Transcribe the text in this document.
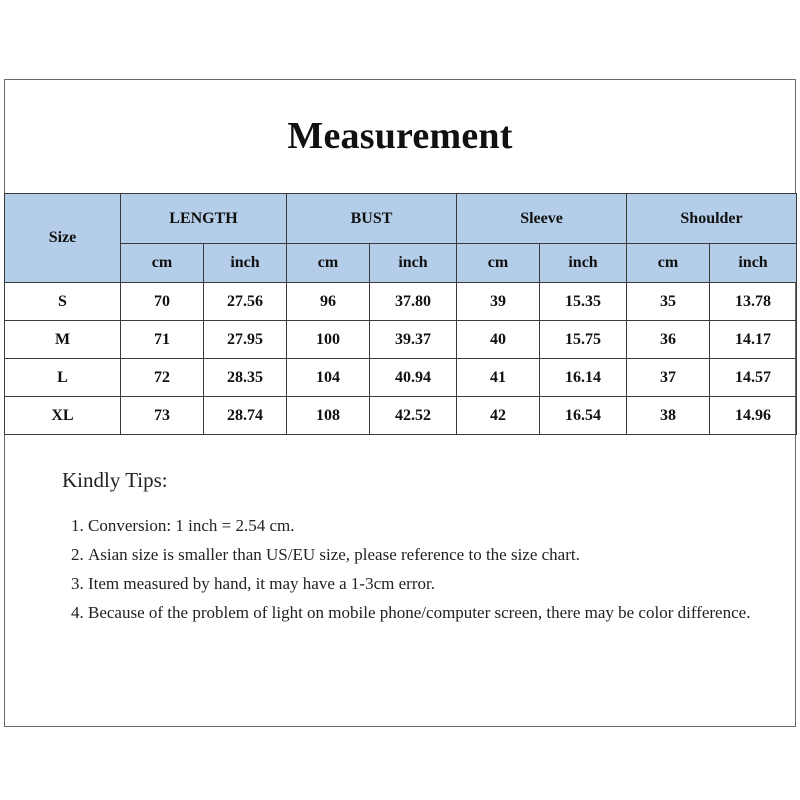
Measurement
Size	LENGTH		BUST		Sleeve		Shoulder	
	cm	inch	cm	inch	cm	inch	cm	inch
S	70	27.56	96	37.80	39	15.35	35	13.78
M	71	27.95	100	39.37	40	15.75	36	14.17
L	72	28.35	104	40.94	41	16.14	37	14.57
XL	73	28.74	108	42.52	42	16.54	38	14.96
Kindly Tips:
1. Conversion: 1 inch = 2.54 cm.
2. Asian size is smaller than US/EU size, please reference to the size chart.
3. Item measured by hand, it may have a 1-3cm error.
4. Because of the problem of light on mobile phone/computer screen, there may be color difference.
